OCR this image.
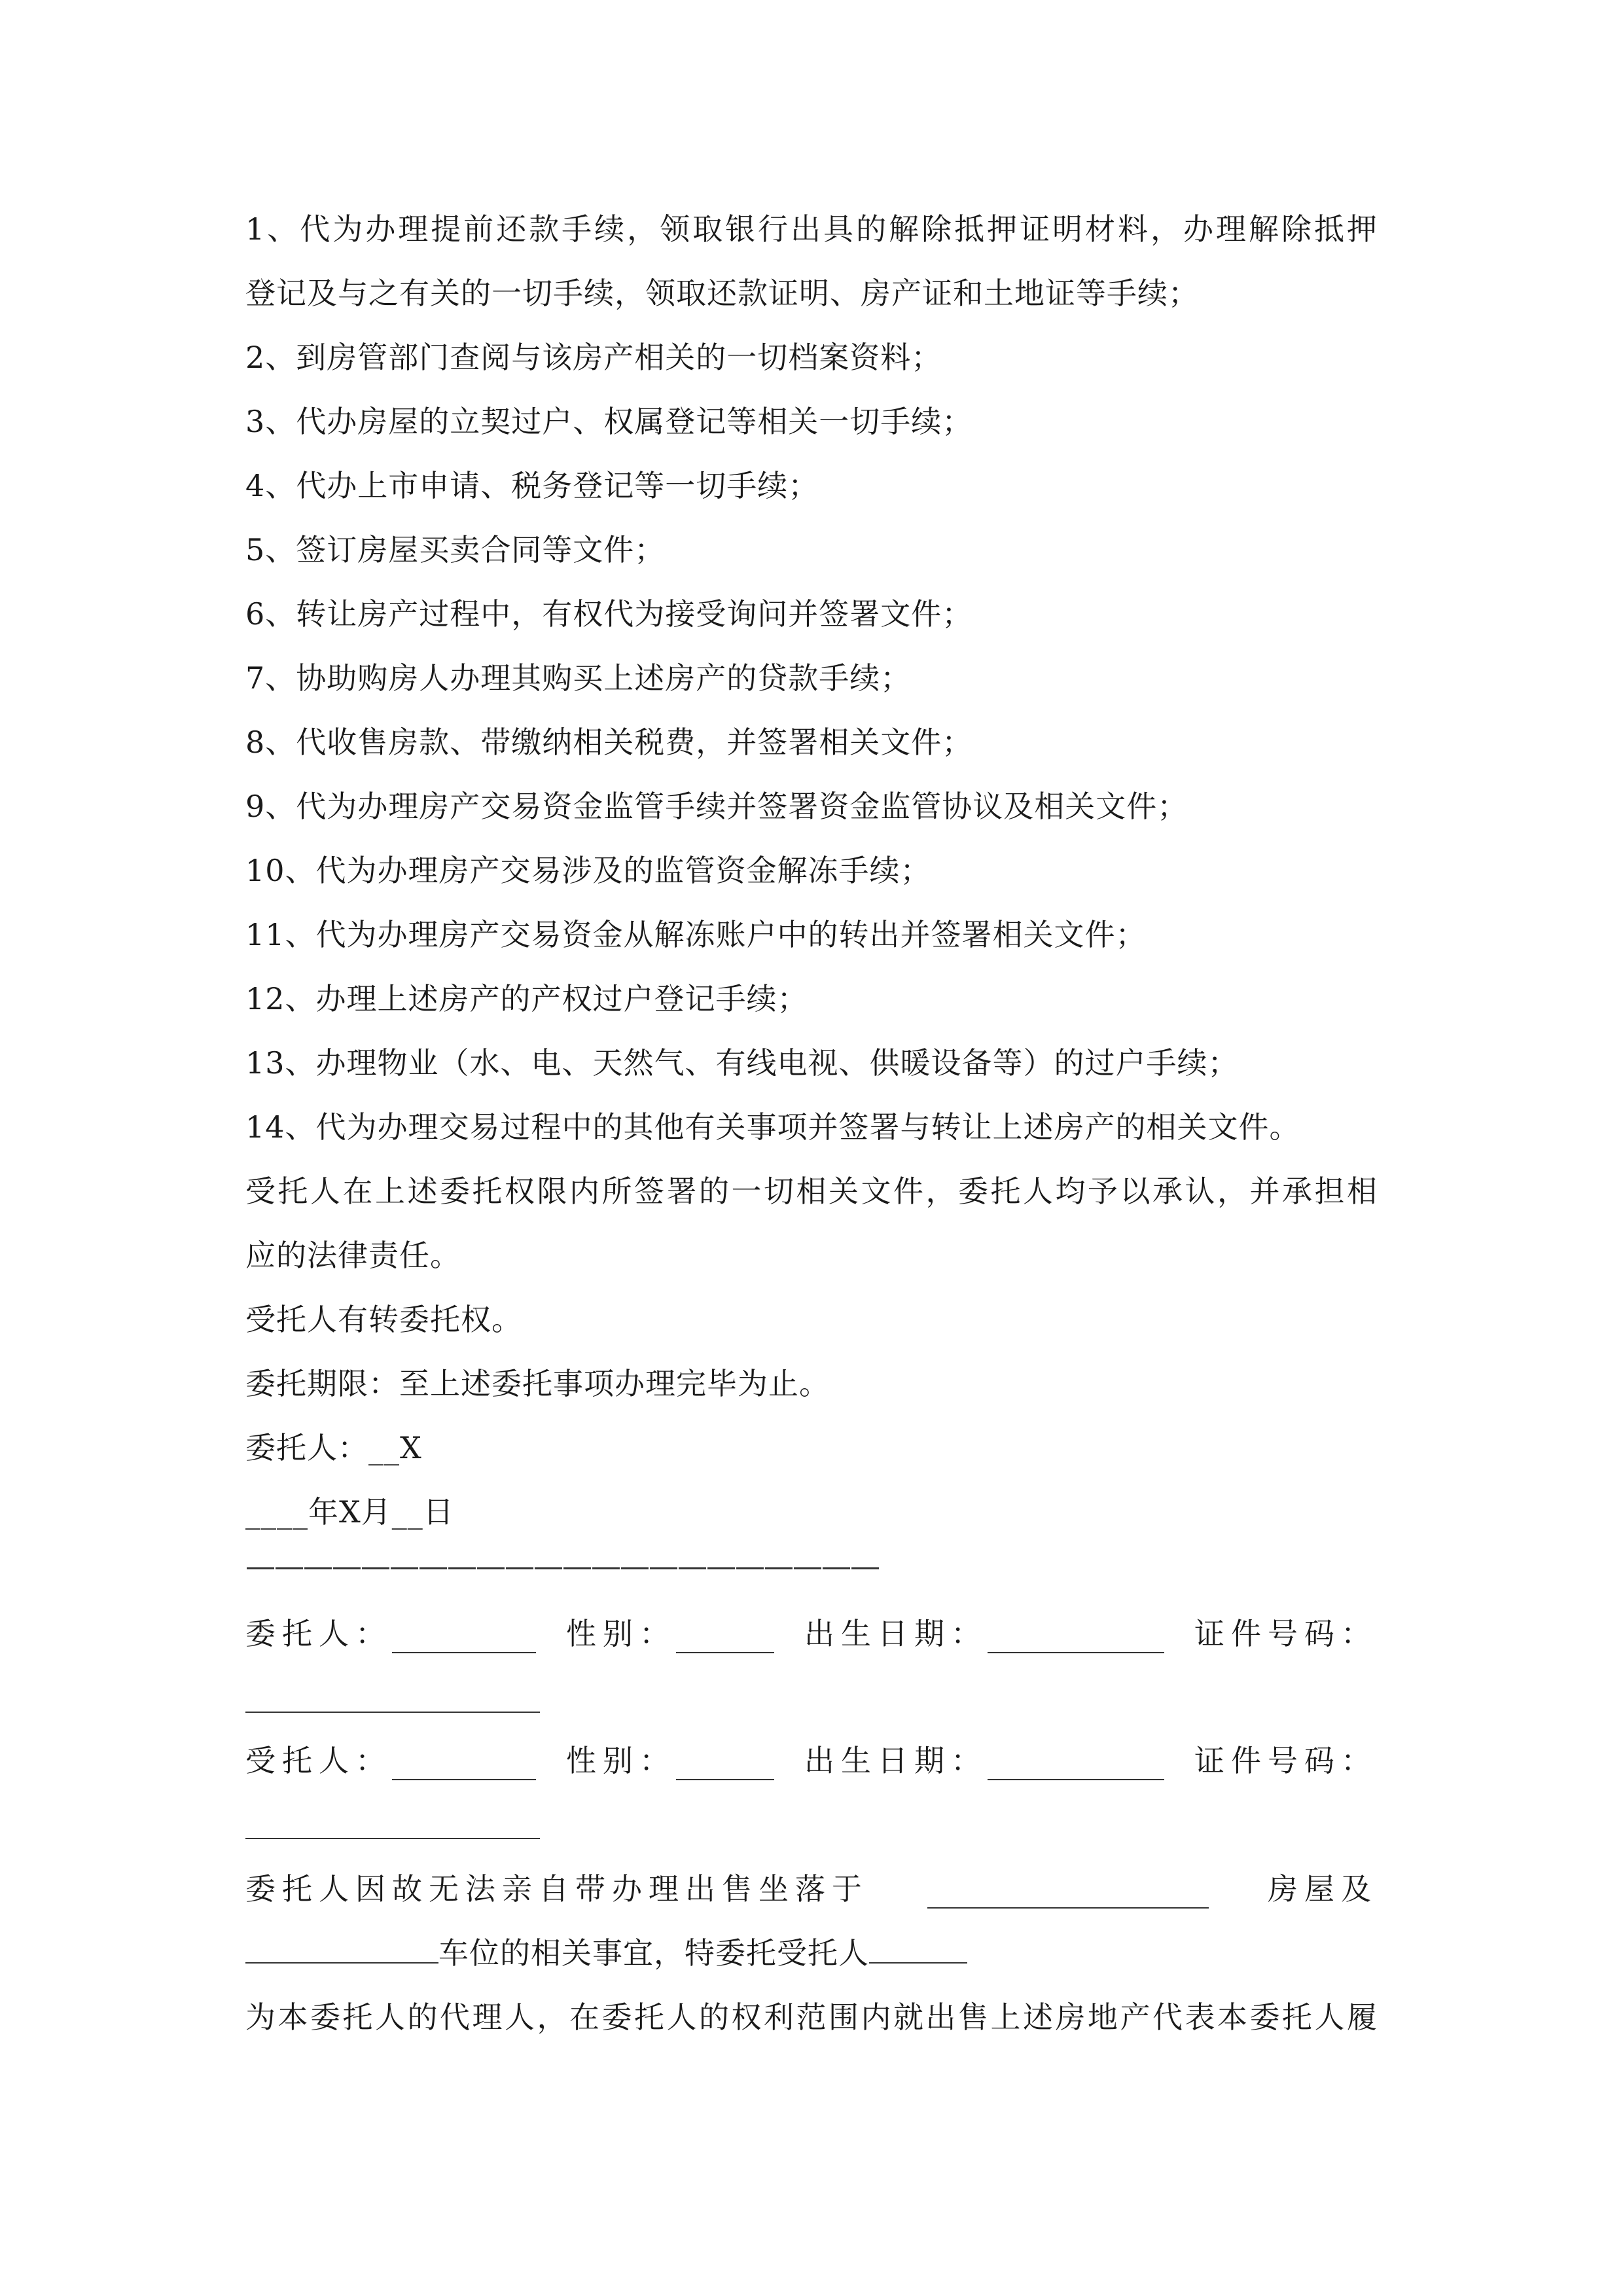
1、代为办理提前还款手续，领取银行出具的解除抵押证明材料，办理解除抵押
登记及与之有关的一切手续，领取还款证明、房产证和土地证等手续；
2、到房管部门查阅与该房产相关的一切档案资料；
3、代办房屋的立契过户、权属登记等相关一切手续；
4、代办上市申请、税务登记等一切手续；
5、签订房屋买卖合同等文件；
6、转让房产过程中，有权代为接受询问并签署文件；
7、协助购房人办理其购买上述房产的贷款手续；
8、代收售房款、带缴纳相关税费，并签署相关文件；
9、代为办理房产交易资金监管手续并签署资金监管协议及相关文件；
10、代为办理房产交易涉及的监管资金解冻手续；
11、代为办理房产交易资金从解冻账户中的转出并签署相关文件；
12、办理上述房产的产权过户登记手续；
13、办理物业（水、电、天然气、有线电视、供暖设备等）的过户手续；
14、代为办理交易过程中的其他有关事项并签署与转让上述房产的相关文件。
受托人在上述委托权限内所签署的一切相关文件，委托人均予以承认，并承担相
应的法律责任。
受托人有转委托权。
委托期限：至上述委托事项办理完毕为止。
委托人：__X
____年X月__日
——————————————————————
委托人：	性别：	出生日期：	证件号码：
受托人：	性别：	出生日期：	证件号码：
委托人因故无法亲自带办理出售坐落于	房屋及
车位的相关事宜，特委托受托人
为本委托人的代理人，在委托人的权利范围内就出售上述房地产代表本委托人履
